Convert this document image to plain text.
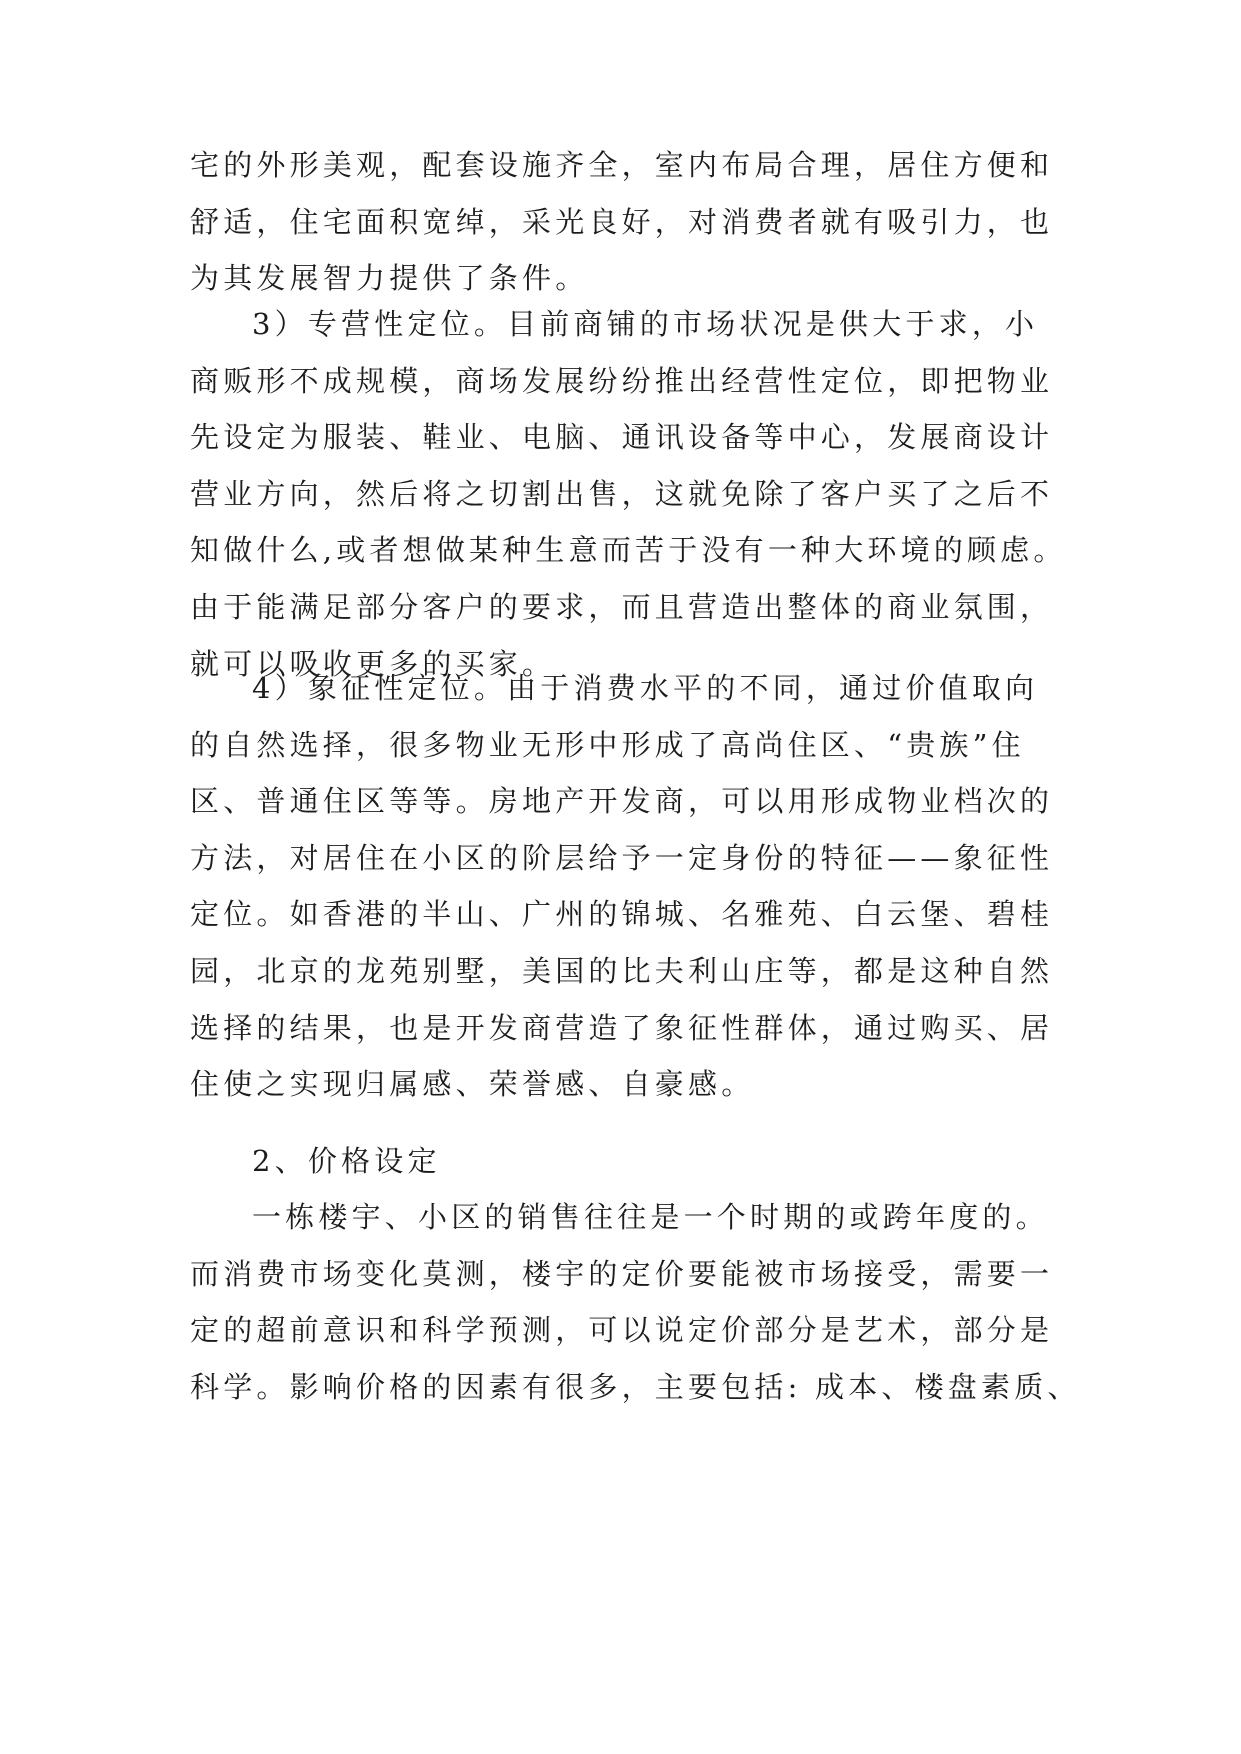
宅的外形美观，配套设施齐全，室内布局合理，居住方便和
舒适，住宅面积宽绰，采光良好，对消费者就有吸引力，也
为其发展智力提供了条件。
3）专营性定位。目前商铺的市场状况是供大于求，小
商贩形不成规模，商场发展纷纷推出经营性定位，即把物业
先设定为服装、鞋业、电脑、通讯设备等中心，发展商设计
营业方向，然后将之切割出售，这就免除了客户买了之后不
知做什么,或者想做某种生意而苦于没有一种大环境的顾虑。
由于能满足部分客户的要求，而且营造出整体的商业氛围，
就可以吸收更多的买家。
4）象征性定位。由于消费水平的不同，通过价值取向
的自然选择，很多物业无形中形成了高尚住区、“贵族”住
区、普通住区等等。房地产开发商，可以用形成物业档次的
方法，对居住在小区的阶层给予一定身份的特征——象征性
定位。如香港的半山、广州的锦城、名雅苑、白云堡、碧桂
园，北京的龙苑别墅，美国的比夫利山庄等，都是这种自然
选择的结果，也是开发商营造了象征性群体，通过购买、居
住使之实现归属感、荣誉感、自豪感。
2、价格设定
一栋楼宇、小区的销售往往是一个时期的或跨年度的。
而消费市场变化莫测，楼宇的定价要能被市场接受，需要一
定的超前意识和科学预测，可以说定价部分是艺术，部分是
科学。影响价格的因素有很多，主要包括: 成本、楼盘素质、
